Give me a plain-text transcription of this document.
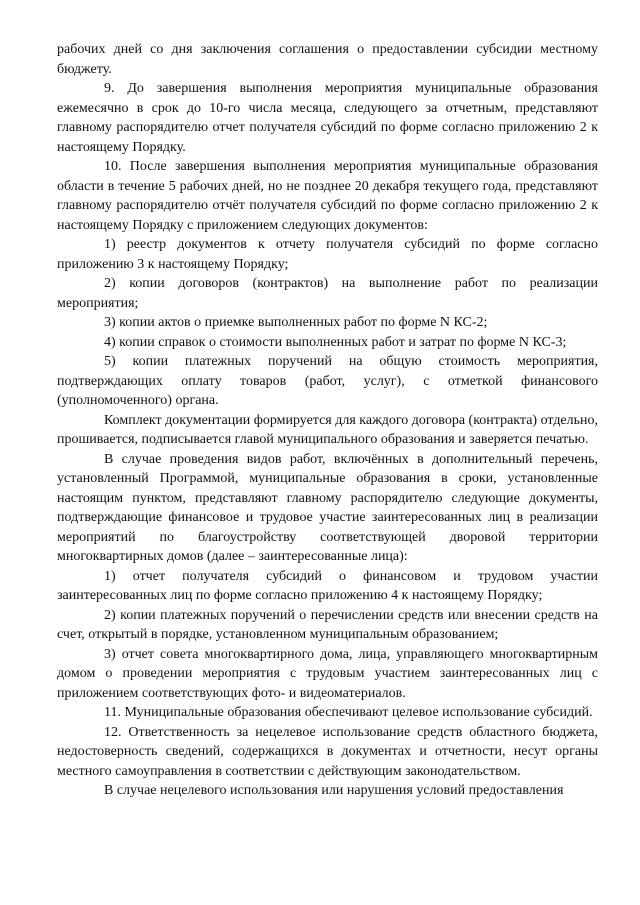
рабочих дней со дня заключения соглашения о предоставлении субсидии местному бюджету.

9. До завершения выполнения мероприятия муниципальные образования ежемесячно в срок до 10-го числа месяца, следующего за отчетным, представляют главному распорядителю отчет получателя субсидий по форме согласно приложению 2 к настоящему Порядку.

10. После завершения выполнения мероприятия муниципальные образования области в течение 5 рабочих дней, но не позднее 20 декабря текущего года, представляют главному распорядителю отчёт получателя субсидий по форме согласно приложению 2 к настоящему Порядку с приложением следующих документов:

1) реестр документов к отчету получателя субсидий по форме согласно приложению 3 к настоящему Порядку;

2) копии договоров (контрактов) на выполнение работ по реализации мероприятия;

3) копии актов о приемке выполненных работ по форме N КС-2;

4) копии справок о стоимости выполненных работ и затрат по форме N КС-3;

5) копии платежных поручений на общую стоимость мероприятия, подтверждающих оплату товаров (работ, услуг), с отметкой финансового (уполномоченного) органа.

Комплект документации формируется для каждого договора (контракта) отдельно, прошивается, подписывается главой муниципального образования и заверяется печатью.

В случае проведения видов работ, включённых в дополнительный перечень, установленный Программой, муниципальные образования в сроки, установленные настоящим пунктом, представляют главному распорядителю следующие документы, подтверждающие финансовое и трудовое участие заинтересованных лиц в реализации мероприятий по благоустройству соответствующей дворовой территории многоквартирных домов (далее – заинтересованные лица):

1) отчет получателя субсидий о финансовом и трудовом участии заинтересованных лиц по форме согласно приложению 4 к настоящему Порядку;

2) копии платежных поручений о перечислении средств или внесении средств на счет, открытый в порядке, установленном муниципальным образованием;

3) отчет совета многоквартирного дома, лица, управляющего многоквартирным домом о проведении мероприятия с трудовым участием заинтересованных лиц с приложением соответствующих фото- и видеоматериалов.

11. Муниципальные образования обеспечивают целевое использование субсидий.

12. Ответственность за нецелевое использование средств областного бюджета, недостоверность сведений, содержащихся в документах и отчетности, несут органы местного самоуправления в соответствии с действующим законодательством.

В случае нецелевого использования или нарушения условий предоставления
